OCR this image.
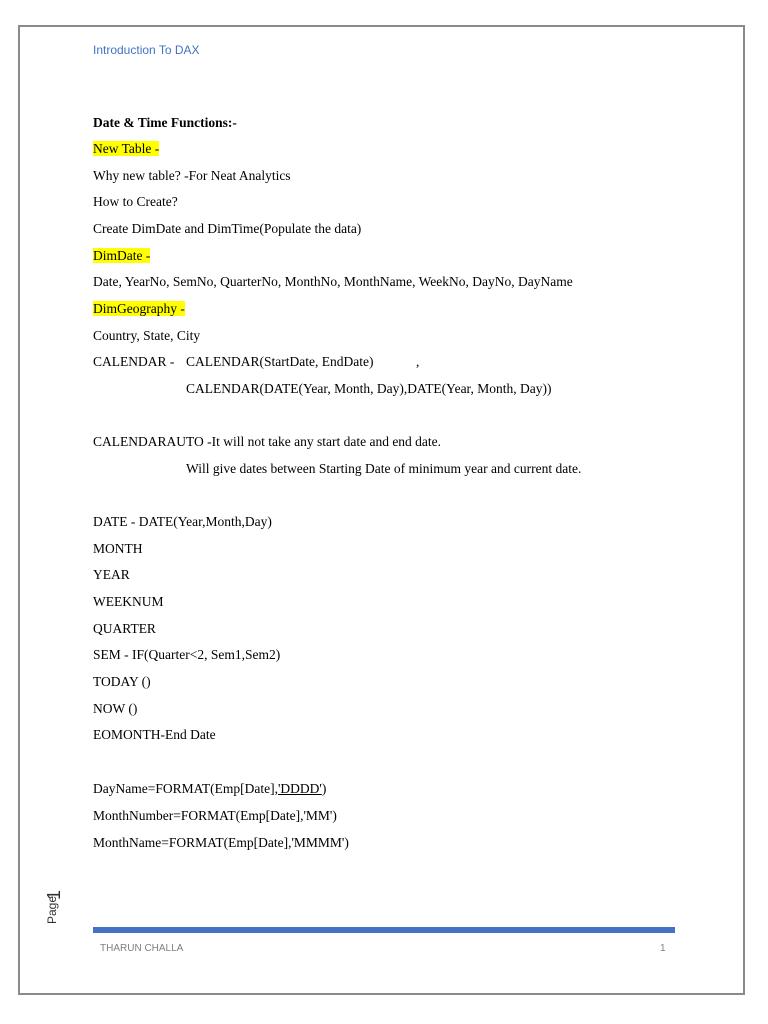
Introduction To DAX
Date & Time Functions:-
New Table -
Why new table? -For Neat Analytics
How to Create?
Create DimDate and DimTime(Populate the data)
DimDate -
Date, YearNo, SemNo, QuarterNo, MonthNo, MonthName, WeekNo, DayNo, DayName
DimGeography -
Country, State, City
CALENDAR - CALENDAR(StartDate, EndDate)	,
CALENDAR(DATE(Year, Month, Day),DATE(Year, Month, Day))
CALENDARAUTO -It will not take any start date and end date.
Will give dates between Starting Date of minimum year and current date.
DATE - DATE(Year,Month,Day)
MONTH
YEAR
WEEKNUM
QUARTER
SEM - IF(Quarter<2, Sem1,Sem2)
TODAY ()
NOW ()
EOMONTH-End Date
DayName=FORMAT(Emp[Date],'DDDD')
MonthNumber=FORMAT(Emp[Date],'MM')
MonthName=FORMAT(Emp[Date],'MMMM')
Page
1
THARUN CHALLA	1
